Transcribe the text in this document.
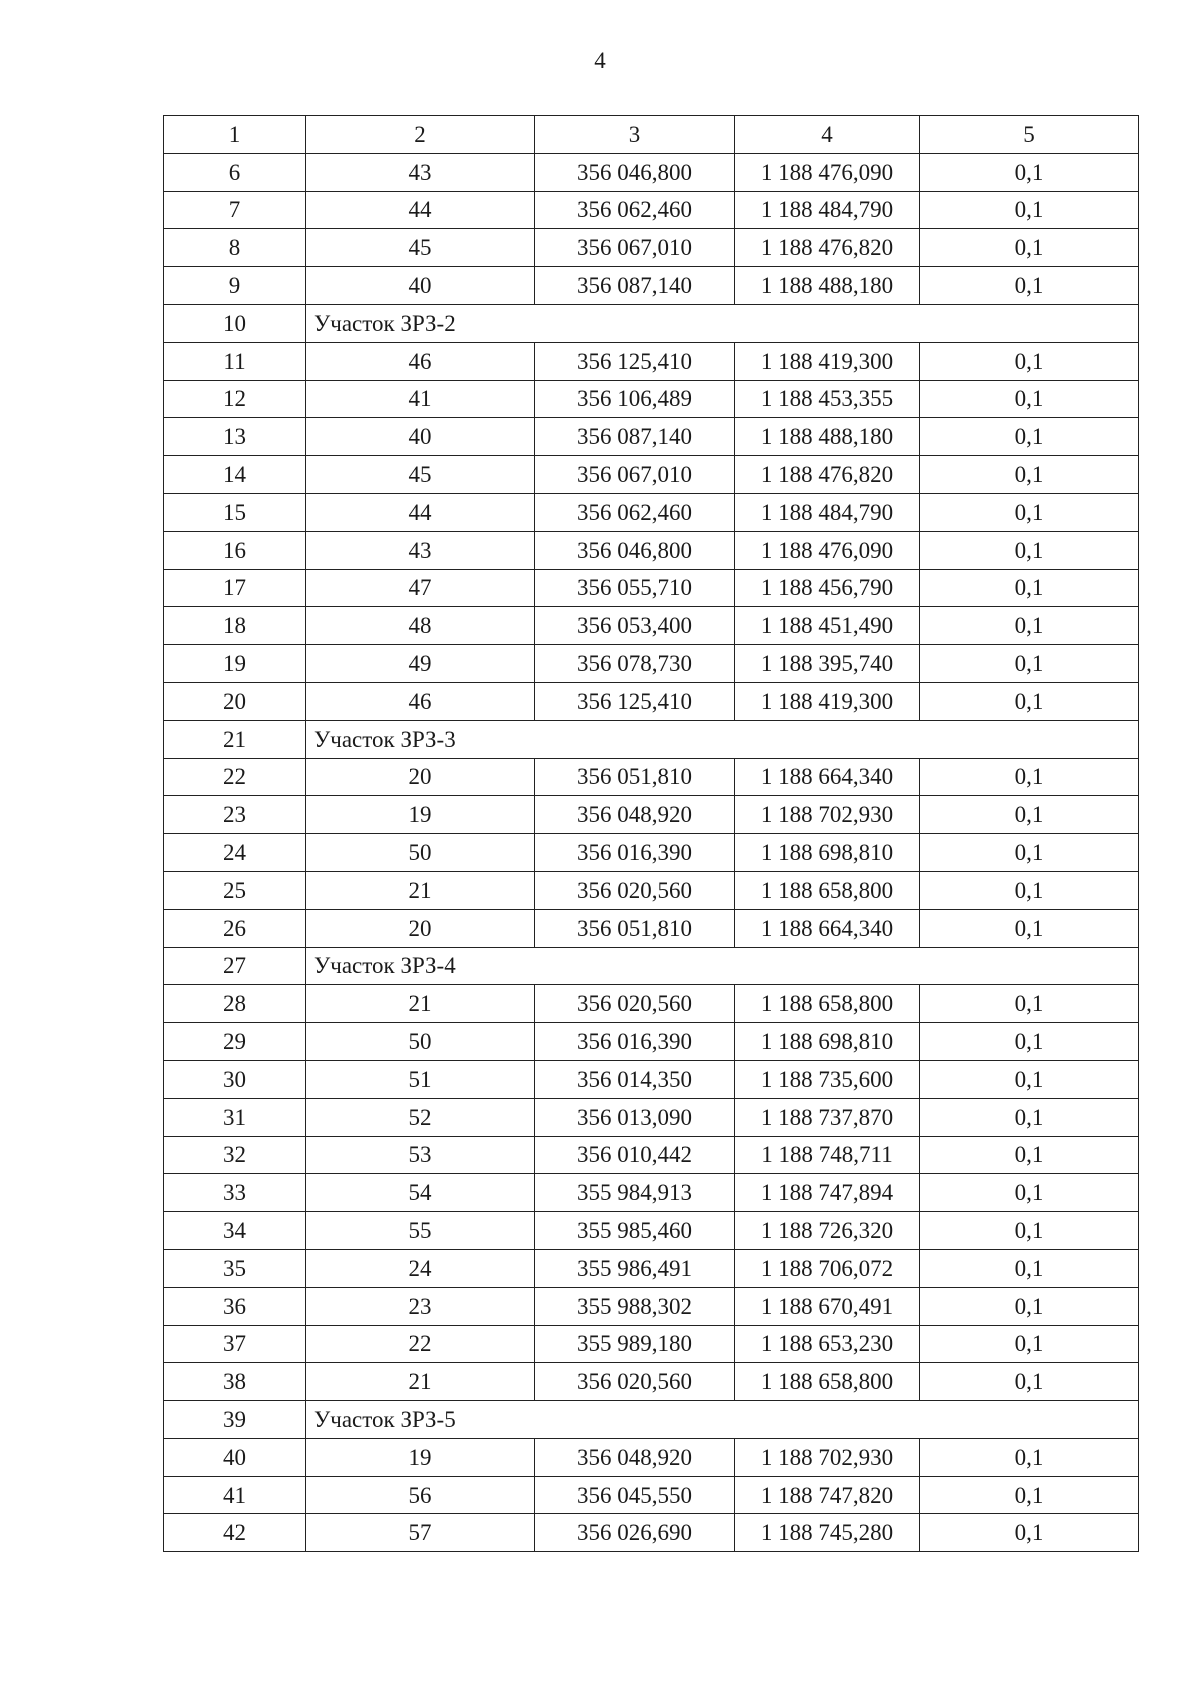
4
1	2	3	4	5
6	43	356 046,800	1 188 476,090	0,1
7	44	356 062,460	1 188 484,790	0,1
8	45	356 067,010	1 188 476,820	0,1
9	40	356 087,140	1 188 488,180	0,1
10	Участок ЗРЗ-2			
11	46	356 125,410	1 188 419,300	0,1
12	41	356 106,489	1 188 453,355	0,1
13	40	356 087,140	1 188 488,180	0,1
14	45	356 067,010	1 188 476,820	0,1
15	44	356 062,460	1 188 484,790	0,1
16	43	356 046,800	1 188 476,090	0,1
17	47	356 055,710	1 188 456,790	0,1
18	48	356 053,400	1 188 451,490	0,1
19	49	356 078,730	1 188 395,740	0,1
20	46	356 125,410	1 188 419,300	0,1
21	Участок ЗРЗ-3			
22	20	356 051,810	1 188 664,340	0,1
23	19	356 048,920	1 188 702,930	0,1
24	50	356 016,390	1 188 698,810	0,1
25	21	356 020,560	1 188 658,800	0,1
26	20	356 051,810	1 188 664,340	0,1
27	Участок ЗРЗ-4			
28	21	356 020,560	1 188 658,800	0,1
29	50	356 016,390	1 188 698,810	0,1
30	51	356 014,350	1 188 735,600	0,1
31	52	356 013,090	1 188 737,870	0,1
32	53	356 010,442	1 188 748,711	0,1
33	54	355 984,913	1 188 747,894	0,1
34	55	355 985,460	1 188 726,320	0,1
35	24	355 986,491	1 188 706,072	0,1
36	23	355 988,302	1 188 670,491	0,1
37	22	355 989,180	1 188 653,230	0,1
38	21	356 020,560	1 188 658,800	0,1
39	Участок ЗРЗ-5			
40	19	356 048,920	1 188 702,930	0,1
41	56	356 045,550	1 188 747,820	0,1
42	57	356 026,690	1 188 745,280	0,1
